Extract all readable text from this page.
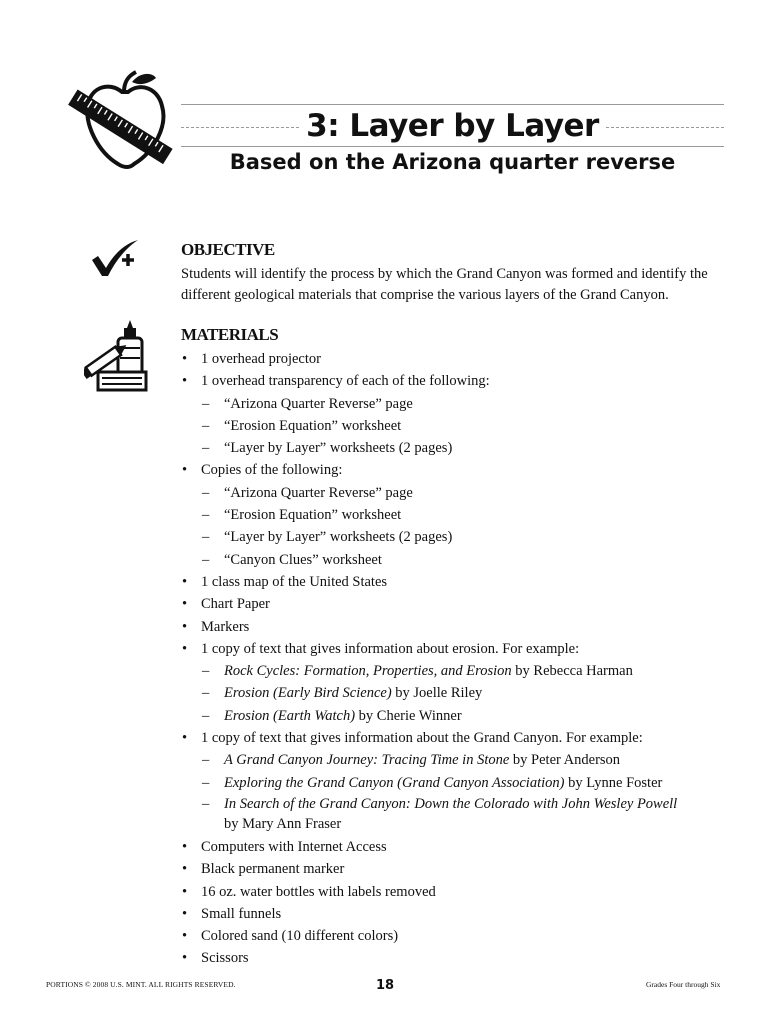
3: Layer by Layer
Based on the Arizona quarter reverse
OBJECTIVE

Students will identify the process by which the Grand Canyon was formed and identify the different geological materials that comprise the various layers of the Grand Canyon.

MATERIALS
• 1 overhead projector
• 1 overhead transparency of each of the following:
– “Arizona Quarter Reverse” page
– “Erosion Equation” worksheet
– “Layer by Layer” worksheets (2 pages)
• Copies of the following:
– “Arizona Quarter Reverse” page
– “Erosion Equation” worksheet
– “Layer by Layer” worksheets (2 pages)
– “Canyon Clues” worksheet
• 1 class map of the United States
• Chart Paper
• Markers
• 1 copy of text that gives information about erosion. For example:
– Rock Cycles: Formation, Properties, and Erosion by Rebecca Harman
– Erosion (Early Bird Science) by Joelle Riley
– Erosion (Earth Watch) by Cherie Winner
• 1 copy of text that gives information about the Grand Canyon. For example:
– A Grand Canyon Journey: Tracing Time in Stone by Peter Anderson
– Exploring the Grand Canyon (Grand Canyon Association) by Lynne Foster
– In Search of the Grand Canyon: Down the Colorado with John Wesley Powell
by Mary Ann Fraser
• Computers with Internet Access
• Black permanent marker
• 16 oz. water bottles with labels removed
• Small funnels
• Colored sand (10 different colors)
• Scissors
PORTIONS © 2008 U.S. MINT. ALL RIGHTS RESERVED.	18	Grades Four through Six
